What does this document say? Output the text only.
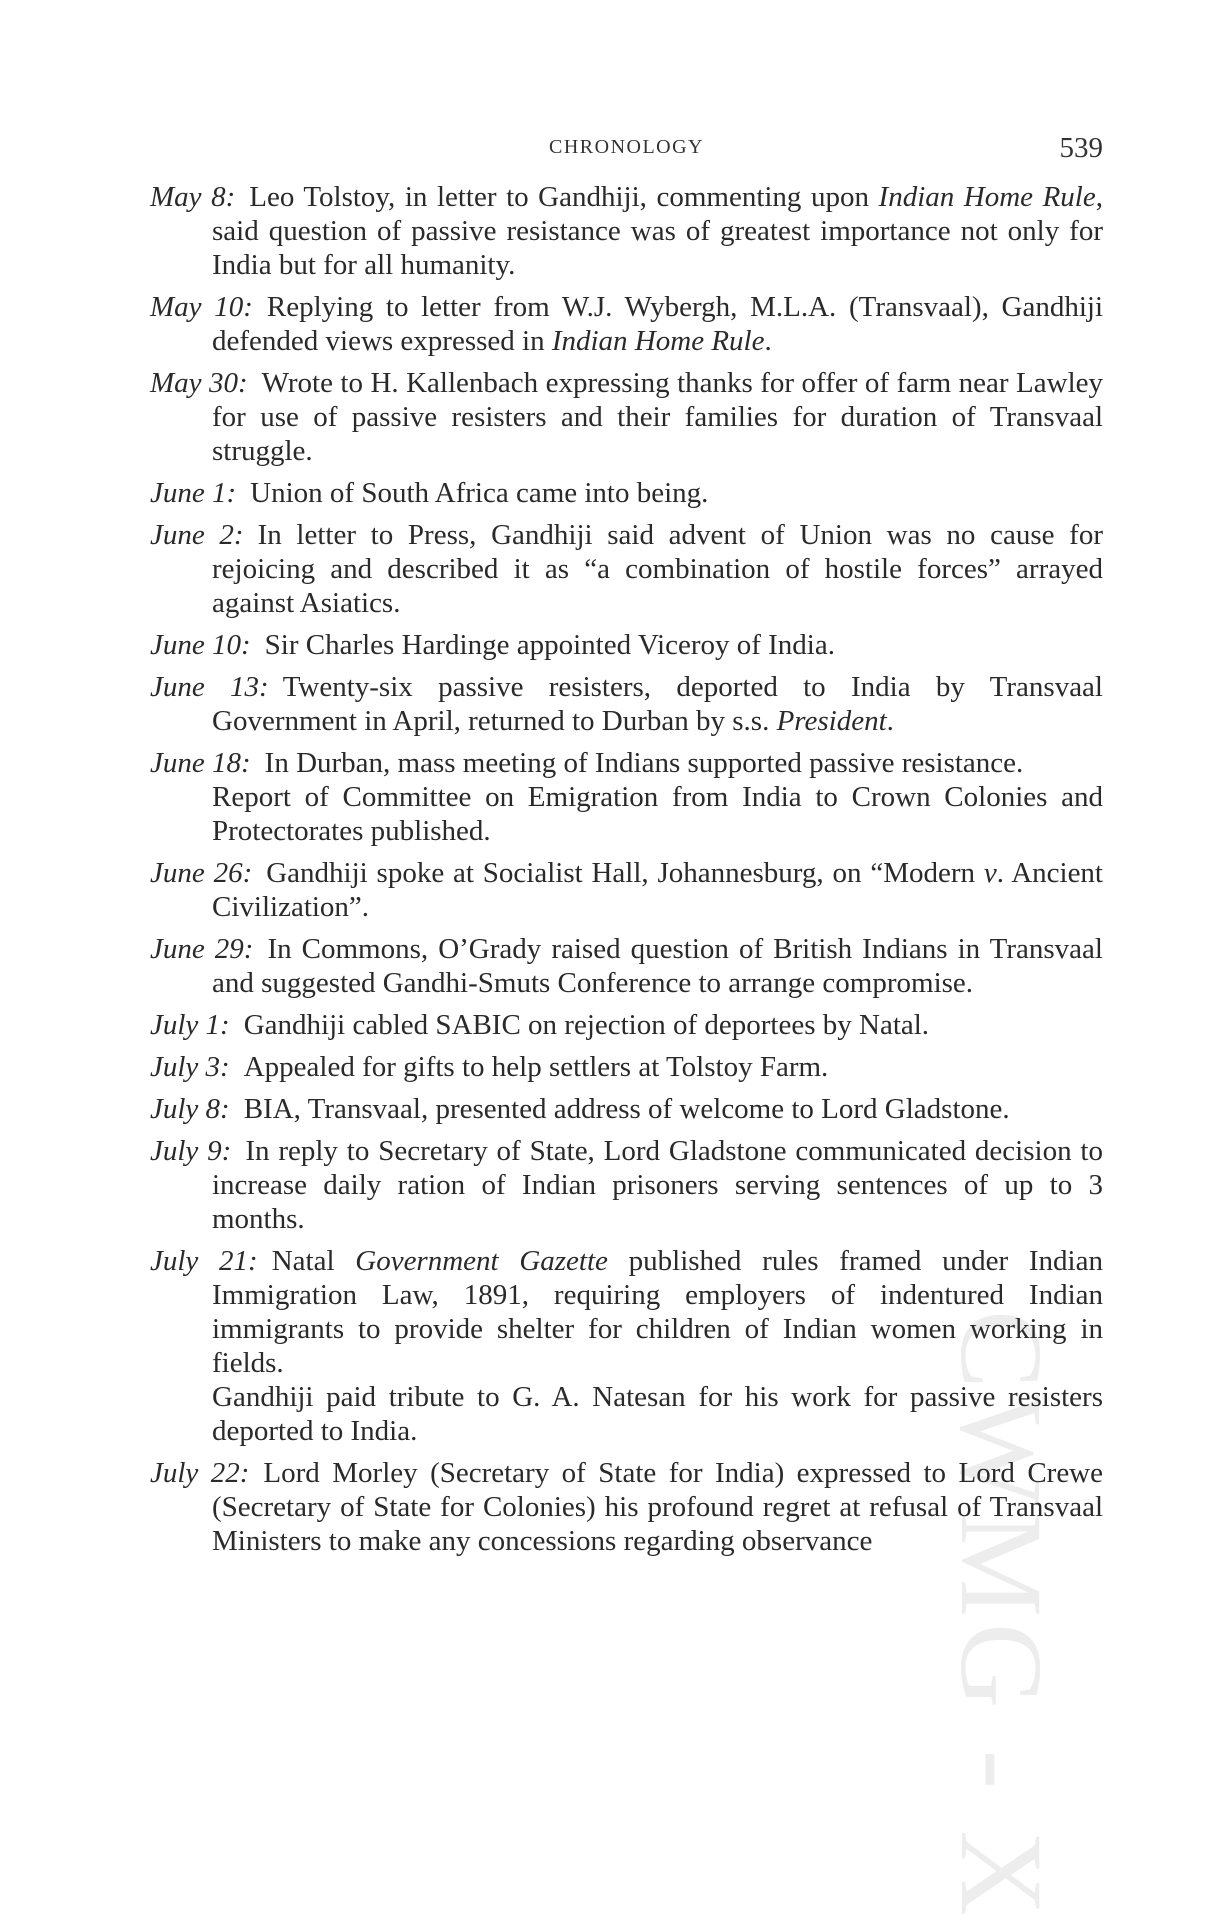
CWMG - X
CHRONOLOGY	539

May 8: Leo Tolstoy, in letter to Gandhiji, commenting upon Indian Home Rule, said question of passive resistance was of greatest importance not only for India but for all humanity.

May 10: Replying to letter from W.J. Wybergh, M.L.A. (Transvaal), Gandhiji defended views expressed in Indian Home Rule.

May 30: Wrote to H. Kallenbach expressing thanks for offer of farm near Lawley for use of passive resisters and their families for duration of Transvaal struggle.

June 1: Union of South Africa came into being.

June 2: In letter to Press, Gandhiji said advent of Union was no cause for rejoicing and described it as “a combination of hostile forces” arrayed against Asiatics.

June 10: Sir Charles Hardinge appointed Viceroy of India.

June 13: Twenty-six passive resisters, deported to India by Transvaal Government in April, returned to Durban by s.s. President.

June 18: In Durban, mass meeting of Indians supported passive resistance.

Report of Committee on Emigration from India to Crown Colonies and Protectorates published.

June 26: Gandhiji spoke at Socialist Hall, Johannesburg, on “Modern v. Ancient Civilization”.

June 29: In Commons, O’Grady raised question of British Indians in Transvaal and suggested Gandhi-Smuts Conference to arrange compromise.

July 1: Gandhiji cabled SABIC on rejection of deportees by Natal.

July 3: Appealed for gifts to help settlers at Tolstoy Farm.

July 8: BIA, Transvaal, presented address of welcome to Lord Gladstone.

July 9: In reply to Secretary of State, Lord Gladstone communicated decision to increase daily ration of Indian prisoners serving sentences of up to 3 months.

July 21: Natal Government Gazette published rules framed under Indian Immigration Law, 1891, requiring employers of indentured Indian immigrants to provide shelter for children of Indian women working in fields.

Gandhiji paid tribute to G. A. Natesan for his work for passive resisters deported to India.

July 22: Lord Morley (Secretary of State for India) expressed to Lord Crewe (Secretary of State for Colonies) his profound regret at refusal of Transvaal Ministers to make any concessions regarding observance
